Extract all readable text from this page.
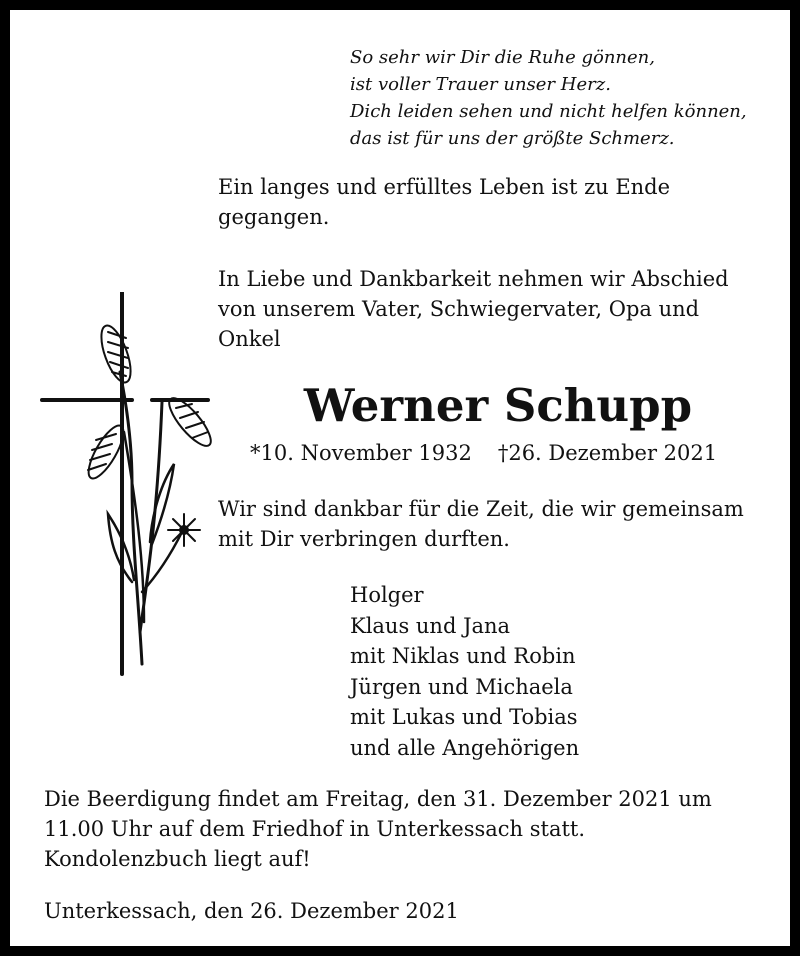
So sehr wir Dir die Ruhe gönnen,
ist voller Trauer unser Herz.
Dich leiden sehen und nicht helfen können,
das ist für uns der größte Schmerz.
Ein langes und erfülltes Leben ist zu Ende
gegangen.
In Liebe und Dankbarkeit nehmen wir Abschied
von unserem Vater, Schwiegervater, Opa und
Onkel
Werner Schupp
*10. November 1932 †26. Dezember 2021
Wir sind dankbar für die Zeit, die wir gemeinsam
mit Dir verbringen durften.
Holger
Klaus und Jana
mit Niklas und Robin
Jürgen und Michaela
mit Lukas und Tobias
und alle Angehörigen
Die Beerdigung findet am Freitag, den 31. Dezember 2021 um
11.00 Uhr auf dem Friedhof in Unterkessach statt.
Kondolenzbuch liegt auf!
Unterkessach, den 26. Dezember 2021
